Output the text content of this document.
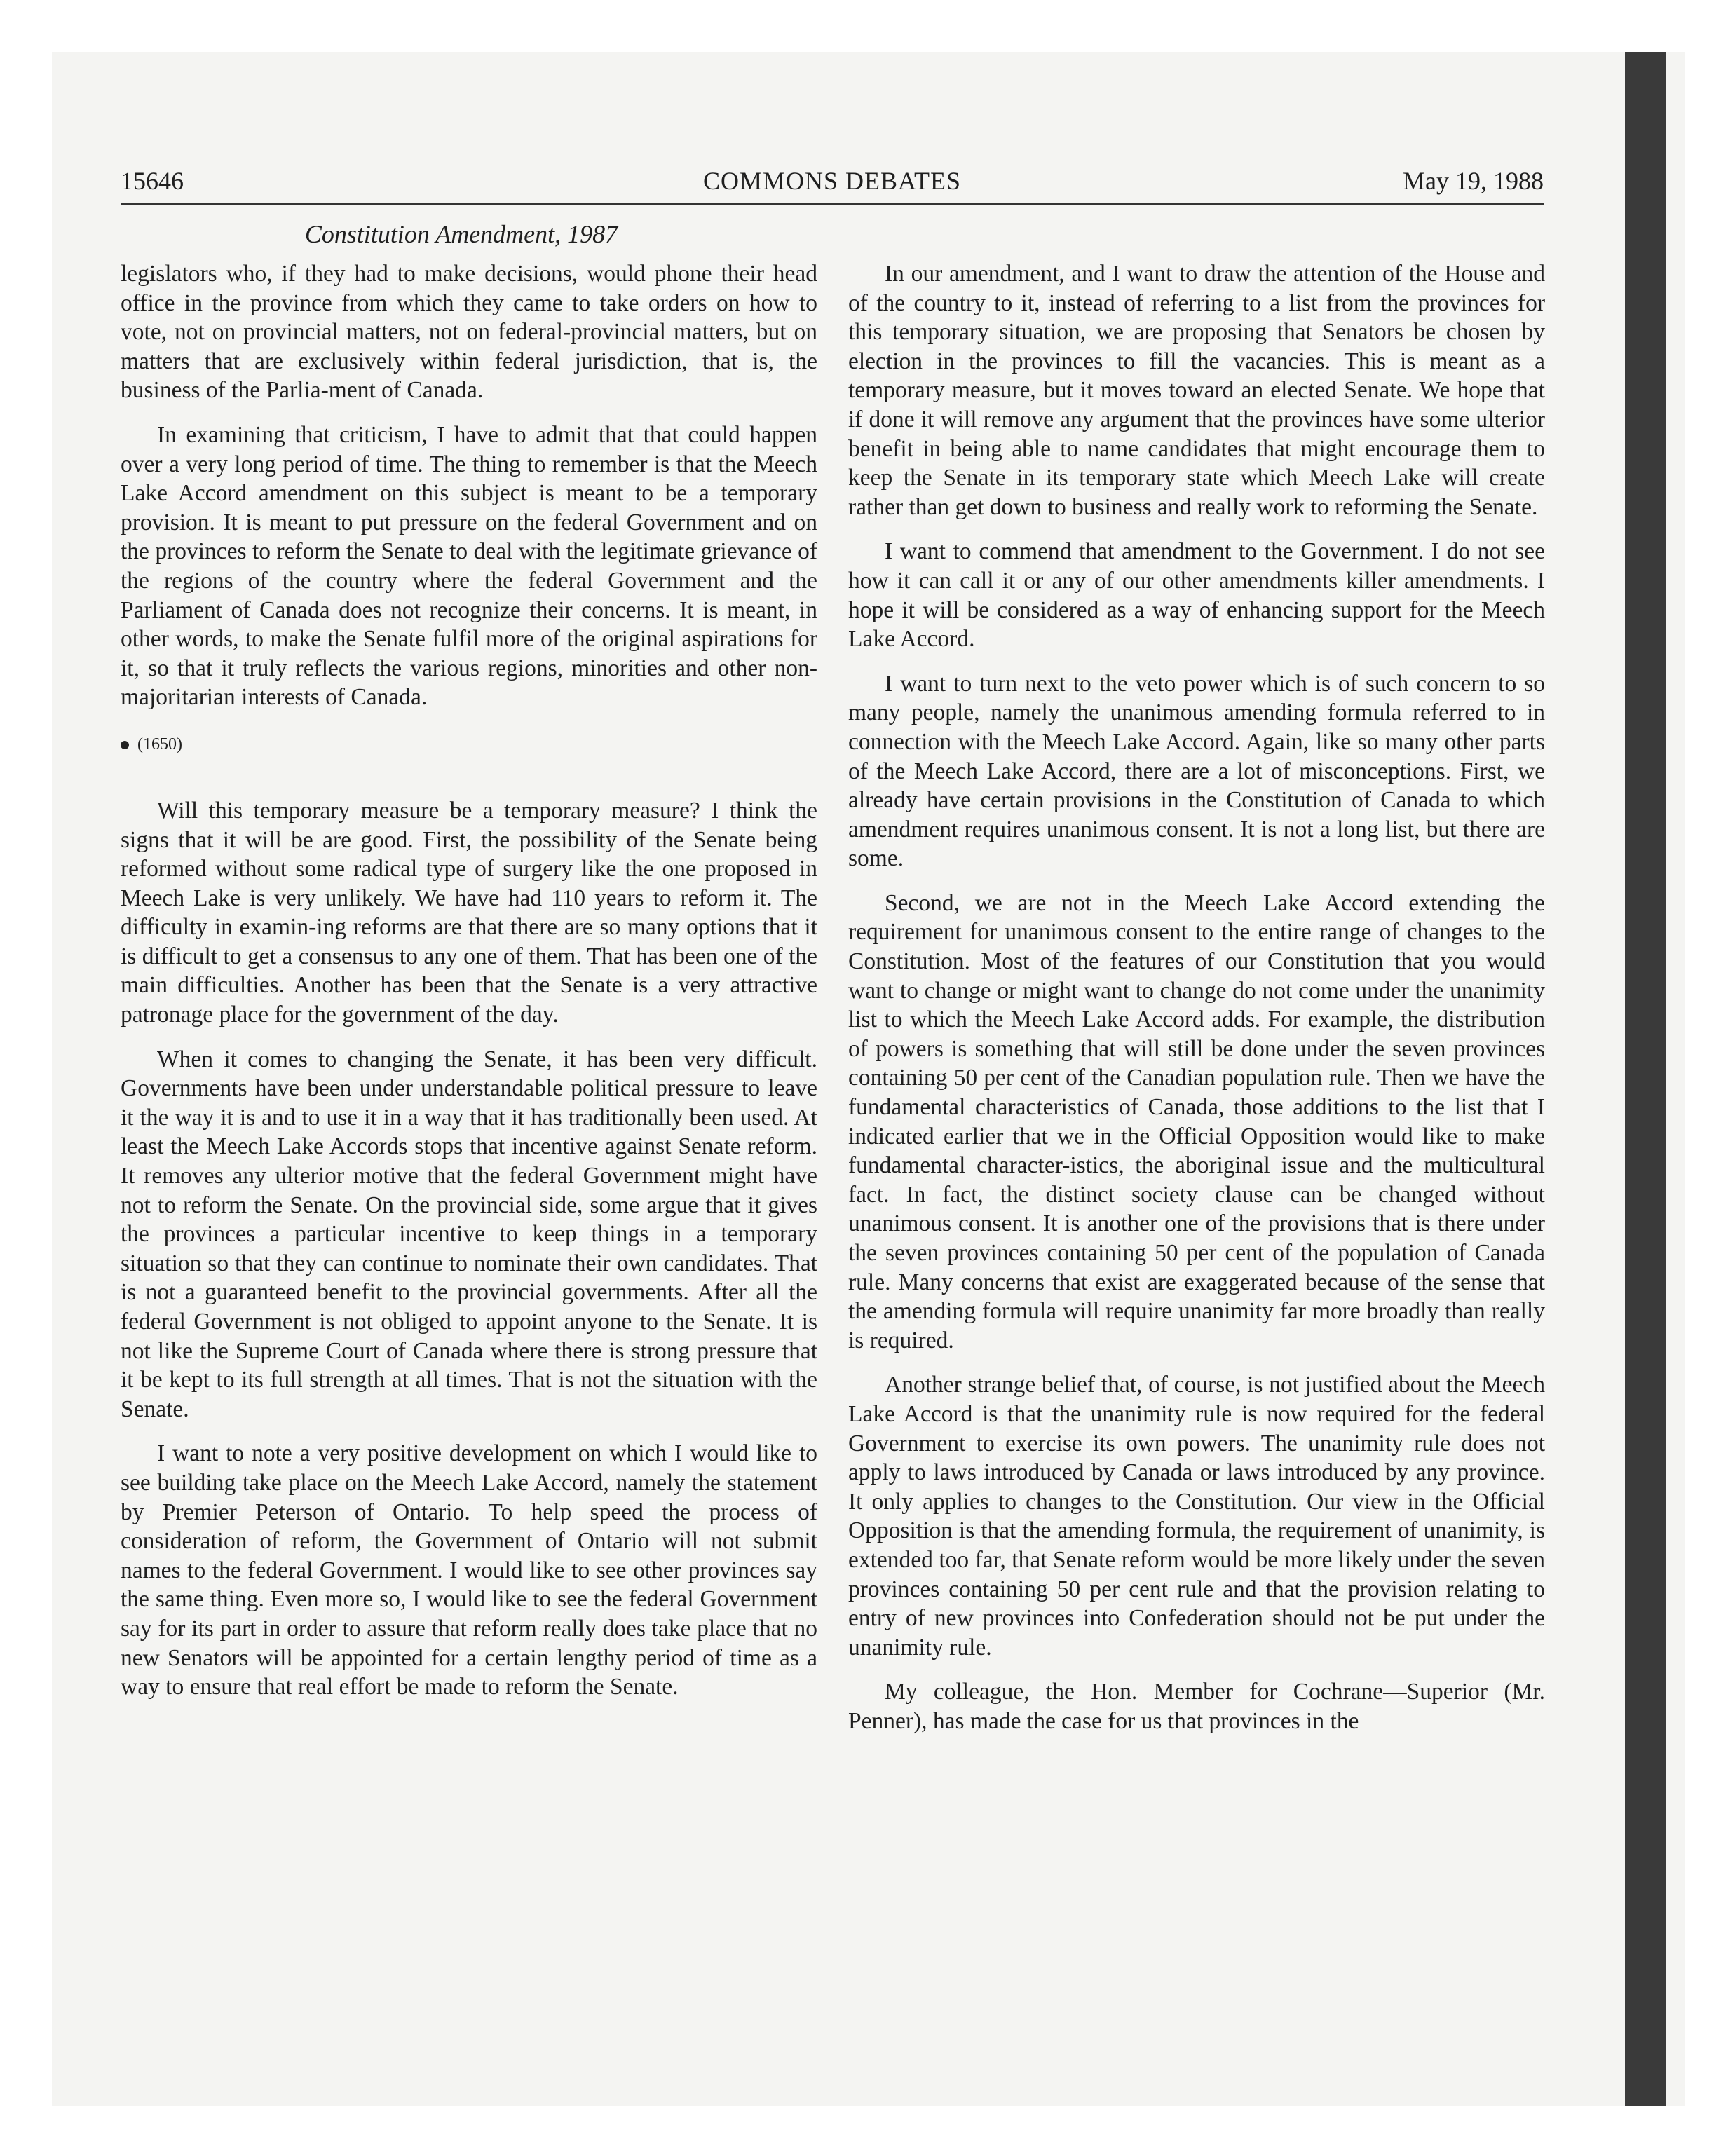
15646	COMMONS DEBATES	May 19, 1988
Constitution Amendment, 1987

legislators who, if they had to make decisions, would phone their head office in the province from which they came to take orders on how to vote, not on provincial matters, not on federal-provincial matters, but on matters that are exclusively within federal jurisdiction, that is, the business of the Parlia-ment of Canada.

In examining that criticism, I have to admit that that could happen over a very long period of time. The thing to remember is that the Meech Lake Accord amendment on this subject is meant to be a temporary provision. It is meant to put pressure on the federal Government and on the provinces to reform the Senate to deal with the legitimate grievance of the regions of the country where the federal Government and the Parliament of Canada does not recognize their concerns. It is meant, in other words, to make the Senate fulfil more of the original aspirations for it, so that it truly reflects the various regions, minorities and other non-majoritarian interests of Canada.

(1650)

Will this temporary measure be a temporary measure? I think the signs that it will be are good. First, the possibility of the Senate being reformed without some radical type of surgery like the one proposed in Meech Lake is very unlikely. We have had 110 years to reform it. The difficulty in examin-ing reforms are that there are so many options that it is difficult to get a consensus to any one of them. That has been one of the main difficulties. Another has been that the Senate is a very attractive patronage place for the government of the day.

When it comes to changing the Senate, it has been very difficult. Governments have been under understandable political pressure to leave it the way it is and to use it in a way that it has traditionally been used. At least the Meech Lake Accords stops that incentive against Senate reform. It removes any ulterior motive that the federal Government might have not to reform the Senate. On the provincial side, some argue that it gives the provinces a particular incentive to keep things in a temporary situation so that they can continue to nominate their own candidates. That is not a guaranteed benefit to the provincial governments. After all the federal Government is not obliged to appoint anyone to the Senate. It is not like the Supreme Court of Canada where there is strong pressure that it be kept to its full strength at all times. That is not the situation with the Senate.

I want to note a very positive development on which I would like to see building take place on the Meech Lake Accord, namely the statement by Premier Peterson of Ontario. To help speed the process of consideration of reform, the Government of Ontario will not submit names to the federal Government. I would like to see other provinces say the same thing. Even more so, I would like to see the federal Government say for its part in order to assure that reform really does take place that no new Senators will be appointed for a certain lengthy period of time as a way to ensure that real effort be made to reform the Senate.

In our amendment, and I want to draw the attention of the House and of the country to it, instead of referring to a list from the provinces for this temporary situation, we are proposing that Senators be chosen by election in the provinces to fill the vacancies. This is meant as a temporary measure, but it moves toward an elected Senate. We hope that if done it will remove any argument that the provinces have some ulterior benefit in being able to name candidates that might encourage them to keep the Senate in its temporary state which Meech Lake will create rather than get down to business and really work to reforming the Senate.

I want to commend that amendment to the Government. I do not see how it can call it or any of our other amendments killer amendments. I hope it will be considered as a way of enhancing support for the Meech Lake Accord.

I want to turn next to the veto power which is of such concern to so many people, namely the unanimous amending formula referred to in connection with the Meech Lake Accord. Again, like so many other parts of the Meech Lake Accord, there are a lot of misconceptions. First, we already have certain provisions in the Constitution of Canada to which amendment requires unanimous consent. It is not a long list, but there are some.

Second, we are not in the Meech Lake Accord extending the requirement for unanimous consent to the entire range of changes to the Constitution. Most of the features of our Constitution that you would want to change or might want to change do not come under the unanimity list to which the Meech Lake Accord adds. For example, the distribution of powers is something that will still be done under the seven provinces containing 50 per cent of the Canadian population rule. Then we have the fundamental characteristics of Canada, those additions to the list that I indicated earlier that we in the Official Opposition would like to make fundamental character-istics, the aboriginal issue and the multicultural fact. In fact, the distinct society clause can be changed without unanimous consent. It is another one of the provisions that is there under the seven provinces containing 50 per cent of the population of Canada rule. Many concerns that exist are exaggerated because of the sense that the amending formula will require unanimity far more broadly than really is required.

Another strange belief that, of course, is not justified about the Meech Lake Accord is that the unanimity rule is now required for the federal Government to exercise its own powers. The unanimity rule does not apply to laws introduced by Canada or laws introduced by any province. It only applies to changes to the Constitution. Our view in the Official Opposition is that the amending formula, the requirement of unanimity, is extended too far, that Senate reform would be more likely under the seven provinces containing 50 per cent rule and that the provision relating to entry of new provinces into Confederation should not be put under the unanimity rule.

My colleague, the Hon. Member for Cochrane—Superior (Mr. Penner), has made the case for us that provinces in the
